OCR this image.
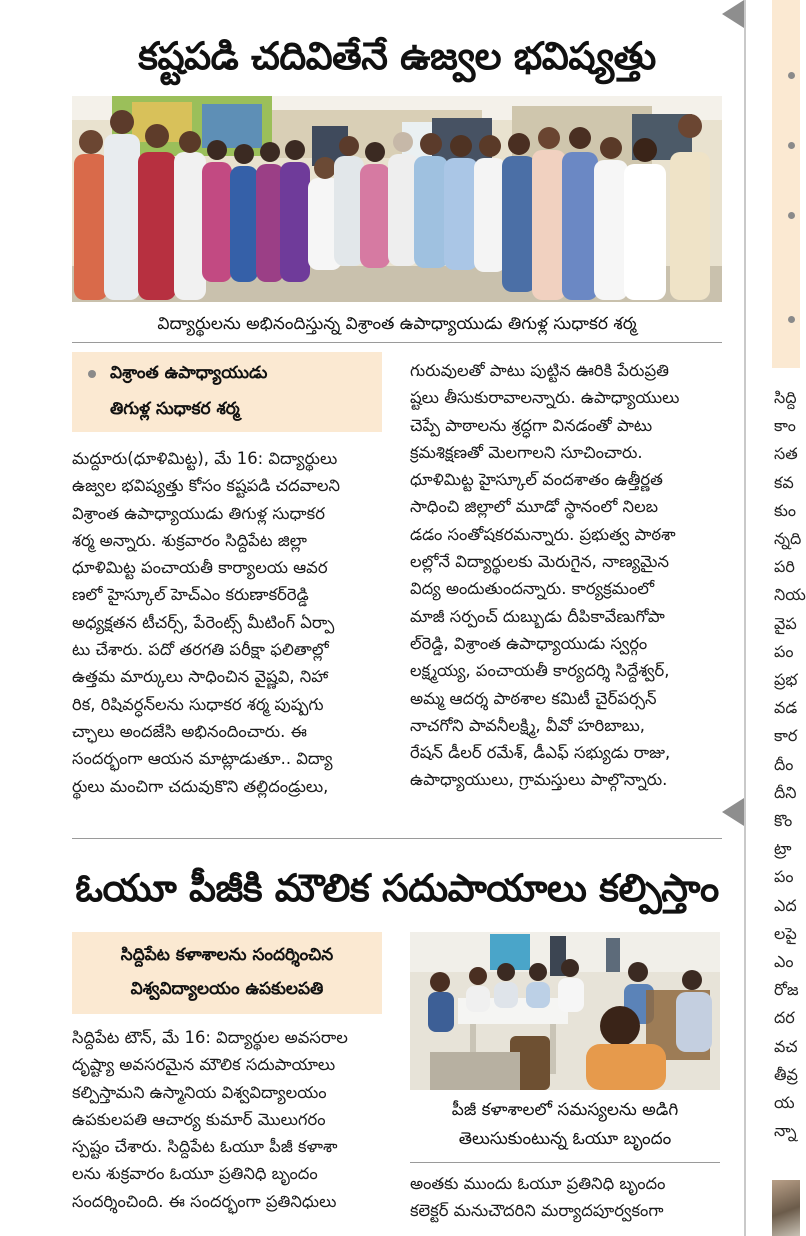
సిద్ది
కాం
సత
కవ
కుం
న్నది
పరి
నియ
వైప
పం
ప్రభ
వడ
కార
దీం
దీని
కొం
ట్రా
పం
ఎద
లపై
ఎం
రోజ
దర
వచ
తీవ్ర
య
న్నా
కష్టపడి చదివితేనే ఉజ్వల భవిష్యత్తు
విద్యార్థులను అభినందిస్తున్న విశ్రాంత ఉపాధ్యాయుడు తిగుళ్ల సుధాకర శర్మ
విశ్రాంత ఉపాధ్యాయుడు
తిగుళ్ల సుధాకర శర్మ
మద్దూరు(ధూళిమిట్ట), మే 16: విద్యార్థులు
ఉజ్వల భవిష్యత్తు కోసం కష్టపడి చదవాలని
విశ్రాంత ఉపాధ్యాయుడు తిగుళ్ల సుధాకర
శర్మ అన్నారు. శుక్రవారం సిద్దిపేట జిల్లా
ధూళిమిట్ట పంచాయతీ కార్యాలయ ఆవర
ణలో హైస్కూల్ హెచ్ఎం కరుణాకర్‌రెడ్డి
అధ్యక్షతన టీచర్స్, పేరెంట్స్ మీటింగ్ ఏర్పా
టు చేశారు. పదో తరగతి పరీక్షా ఫలితాల్లో
ఉత్తమ మార్కులు సాధించిన వైష్ణవి, నిహా
రిక, రిషివర్ధన్‌లను సుధాకర శర్మ పుష్పగు
చ్ఛాలు అందజేసి అభినందించారు. ఈ
సందర్భంగా ఆయన మాట్లాడుతూ.. విద్యా
ర్థులు మంచిగా చదువుకొని తల్లిదండ్రులు,
గురువులతో పాటు పుట్టిన ఊరికి పేరుప్రతి
ష్టలు తీసుకురావాలన్నారు. ఉపాధ్యాయులు
చెప్పే పాఠాలను శ్రద్ధగా వినడంతో పాటు
క్రమశిక్షణతో మెలగాలని సూచించారు.
ధూళిమిట్ట హైస్కూల్ వందశాతం ఉత్తీర్ణత
సాధించి జిల్లాలో మూడో స్థానంలో నిలబ
డడం సంతోషకరమన్నారు. ప్రభుత్వ పాఠశా
లల్లోనే విద్యార్థులకు మెరుగైన, నాణ్యమైన
విద్య అందుతుందన్నారు. కార్యక్రమంలో
మాజీ సర్పంచ్ దుబ్బుడు దీపికావేణుగోపా
ల్‌రెడ్డి, విశ్రాంత ఉపాధ్యాయుడు స్వర్గం
లక్ష్మయ్య, పంచాయతీ కార్యదర్శి సిద్దేశ్వర్,
అమ్మ ఆదర్శ పాఠశాల కమిటీ చైర్‌పర్సన్
నాచగోని పావనీలక్ష్మి, వీవో హరిబాబు,
రేషన్ డీలర్ రమేశ్, డీఎఫ్ సభ్యుడు రాజు,
ఉపాధ్యాయులు, గ్రామస్తులు పాల్గొన్నారు.
ఓయూ పీజీకి మౌలిక సదుపాయాలు కల్పిస్తాం
సిద్దిపేట కళాశాలను సందర్శించిన
విశ్వవిద్యాలయం ఉపకులపతి
పీజీ కళాశాలలో సమస్యలను అడిగి
తెలుసుకుంటున్న ఓయూ బృందం
సిద్దిపేట టౌన్, మే 16: విద్యార్థుల అవసరాల
దృష్ట్యా అవసరమైన మౌలిక సదుపాయాలు
కల్పిస్తామని ఉస్మానియ విశ్వవిద్యాలయం
ఉపకులపతి ఆచార్య కుమార్ మొలుగరం
స్పష్టం చేశారు. సిద్దిపేట ఓయూ పీజీ కళాశా
లను శుక్రవారం ఓయూ ప్రతినిధి బృందం
సందర్శించింది. ఈ సందర్భంగా ప్రతినిధులు
అంతకు ముందు ఓయూ ప్రతినిధి బృందం
కలెక్టర్ మనుచౌదరిని మర్యాదపూర్వకంగా
